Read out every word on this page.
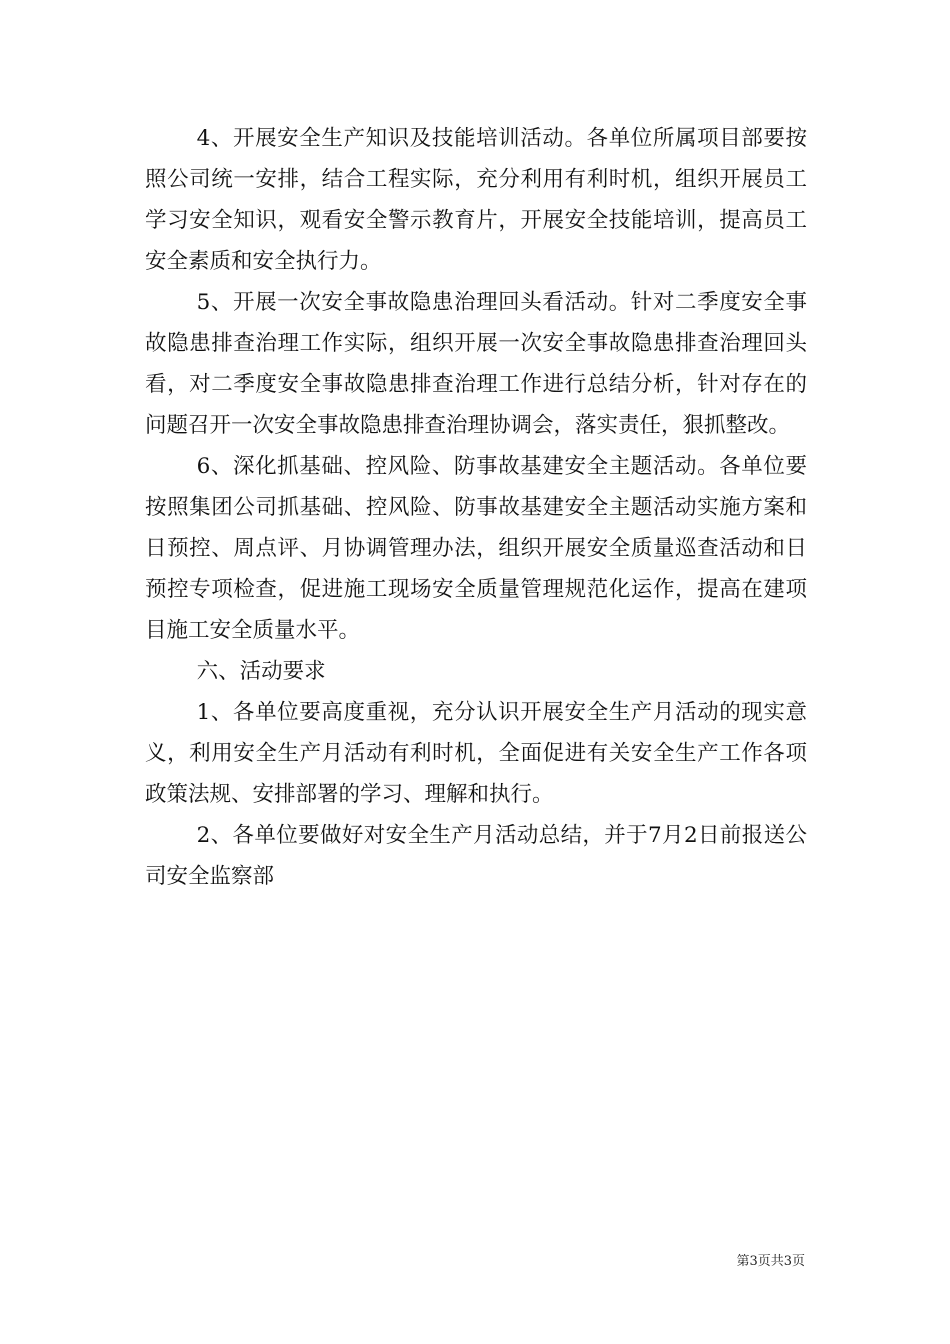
4、开展安全生产知识及技能培训活动。各单位所属项目部要按照公司统一安排，结合工程实际，充分利用有利时机，组织开展员工学习安全知识，观看安全警示教育片，开展安全技能培训，提高员工安全素质和安全执行力。

5、开展一次安全事故隐患治理回头看活动。针对二季度安全事故隐患排查治理工作实际，组织开展一次安全事故隐患排查治理回头看，对二季度安全事故隐患排查治理工作进行总结分析，针对存在的问题召开一次安全事故隐患排查治理协调会，落实责任，狠抓整改。

6、深化抓基础、控风险、防事故基建安全主题活动。各单位要按照集团公司抓基础、控风险、防事故基建安全主题活动实施方案和日预控、周点评、月协调管理办法，组织开展安全质量巡查活动和日预控专项检查，促进施工现场安全质量管理规范化运作，提高在建项目施工安全质量水平。

六、活动要求

1、各单位要高度重视，充分认识开展安全生产月活动的现实意义，利用安全生产月活动有利时机，全面促进有关安全生产工作各项政策法规、安排部署的学习、理解和执行。

2、各单位要做好对安全生产月活动总结，并于7月2日前报送公司安全监察部

第3页共3页
